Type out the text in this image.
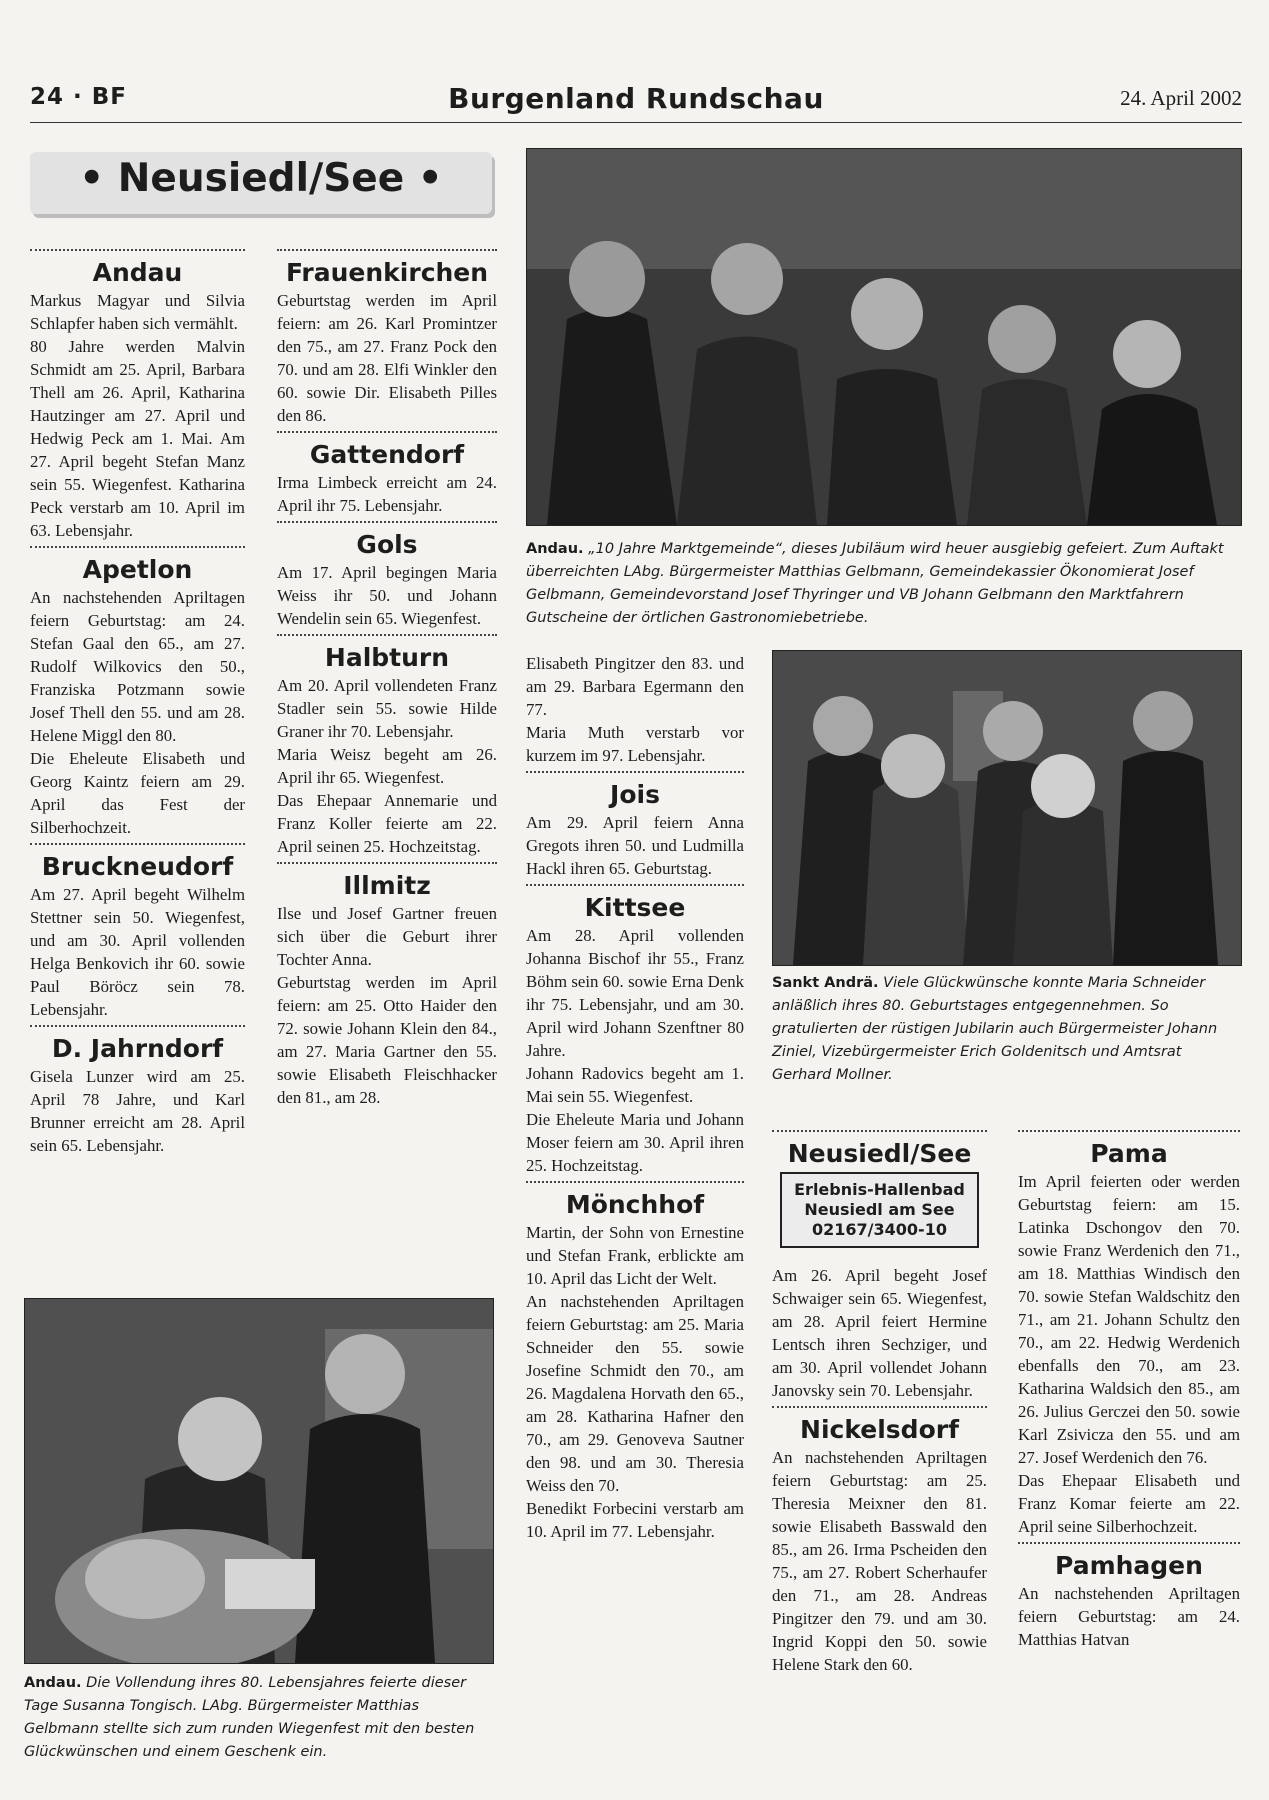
24 · BF	Burgenland Rundschau	24. April 2002
• Neusiedl/See •
Andau

Markus Magyar und Silvia Schlapfer haben sich vermählt.

80 Jahre werden Malvin Schmidt am 25. April, Barbara Thell am 26. April, Katharina Hautzinger am 27. April und Hedwig Peck am 1. Mai. Am 27. April begeht Stefan Manz sein 55. Wiegenfest. Katharina Peck verstarb am 10. April im 63. Lebensjahr.

Apetlon

An nachstehenden Apriltagen feiern Geburtstag: am 24. Stefan Gaal den 65., am 27. Rudolf Wilkovics den 50., Franziska Potzmann sowie Josef Thell den 55. und am 28. Helene Miggl den 80.

Die Eheleute Elisabeth und Georg Kaintz feiern am 29. April das Fest der Silberhochzeit.

Bruckneudorf

Am 27. April begeht Wilhelm Stettner sein 50. Wiegenfest, und am 30. April vollenden Helga Benkovich ihr 60. sowie Paul Böröcz sein 78. Lebensjahr.

D. Jahrndorf

Gisela Lunzer wird am 25. April 78 Jahre, und Karl Brunner erreicht am 28. April sein 65. Lebensjahr.

Frauenkirchen

Geburtstag werden im April feiern: am 26. Karl Promintzer den 75., am 27. Franz Pock den 70. und am 28. Elfi Winkler den 60. sowie Dir. Elisabeth Pilles den 86.

Gattendorf

Irma Limbeck erreicht am 24. April ihr 75. Lebensjahr.

Gols

Am 17. April begingen Maria Weiss ihr 50. und Johann Wendelin sein 65. Wiegenfest.

Halbturn

Am 20. April vollendeten Franz Stadler sein 55. sowie Hilde Graner ihr 70. Lebensjahr.

Maria Weisz begeht am 26. April ihr 65. Wiegenfest.

Das Ehepaar Annemarie und Franz Koller feierte am 22. April seinen 25. Hochzeitstag.

Illmitz

Ilse und Josef Gartner freuen sich über die Geburt ihrer Tochter Anna.

Geburtstag werden im April feiern: am 25. Otto Haider den 72. sowie Johann Klein den 84., am 27. Maria Gartner den 55. sowie Elisabeth Fleischhacker den 81., am 28.

Elisabeth Pingitzer den 83. und am 29. Barbara Egermann den 77.

Maria Muth verstarb vor kurzem im 97. Lebensjahr.

Jois

Am 29. April feiern Anna Gregots ihren 50. und Ludmilla Hackl ihren 65. Geburtstag.

Kittsee

Am 28. April vollenden Johanna Bischof ihr 55., Franz Böhm sein 60. sowie Erna Denk ihr 75. Lebensjahr, und am 30. April wird Johann Szenftner 80 Jahre.

Johann Radovics begeht am 1. Mai sein 55. Wiegenfest.

Die Eheleute Maria und Johann Moser feiern am 30. April ihren 25. Hochzeitstag.

Mönchhof

Martin, der Sohn von Ernestine und Stefan Frank, erblickte am 10. April das Licht der Welt.

An nachstehenden Apriltagen feiern Geburtstag: am 25. Maria Schneider den 55. sowie Josefine Schmidt den 70., am 26. Magdalena Horvath den 65., am 28. Katharina Hafner den 70., am 29. Genoveva Sautner den 98. und am 30. Theresia Weiss den 70.

Benedikt Forbecini verstarb am 10. April im 77. Lebensjahr.

Neusiedl/See
Erlebnis-Hallenbad
Neusiedl am See
02167/3400-10

Am 26. April begeht Josef Schwaiger sein 65. Wiegenfest, am 28. April feiert Hermine Lentsch ihren Sechziger, und am 30. April vollendet Johann Janovsky sein 70. Lebensjahr.

Nickelsdorf

An nachstehenden Apriltagen feiern Geburtstag: am 25. Theresia Meixner den 81. sowie Elisabeth Basswald den 85., am 26. Irma Pscheiden den 75., am 27. Robert Scherhaufer den 71., am 28. Andreas Pingitzer den 79. und am 30. Ingrid Koppi den 50. sowie Helene Stark den 60.

Pama

Im April feierten oder werden Geburtstag feiern: am 15. Latinka Dschongov den 70. sowie Franz Werdenich den 71., am 18. Matthias Windisch den 70. sowie Stefan Waldschitz den 71., am 21. Johann Schultz den 70., am 22. Hedwig Werdenich ebenfalls den 70., am 23. Katharina Waldsich den 85., am 26. Julius Gerczei den 50. sowie Karl Zsivicza den 55. und am 27. Josef Werdenich den 76.

Das Ehepaar Elisabeth und Franz Komar feierte am 22. April seine Silberhochzeit.

Pamhagen

An nachstehenden Apriltagen feiern Geburtstag: am 24. Matthias Hatvan

Andau. „10 Jahre Marktgemeinde“, dieses Jubiläum wird heuer ausgiebig gefeiert. Zum Auftakt überreichten LAbg. Bürgermeister Matthias Gelbmann, Gemeindekassier Ökonomierat Josef Gelbmann, Gemeindevorstand Josef Thyringer und VB Johann Gelbmann den Marktfahrern Gutscheine der örtlichen Gastronomiebetriebe.
Sankt Andrä. Viele Glückwünsche konnte Maria Schneider anläßlich ihres 80. Geburtstages entgegennehmen. So gratulierten der rüstigen Jubilarin auch Bürgermeister Johann Ziniel, Vizebürgermeister Erich Goldenitsch und Amtsrat Gerhard Mollner.
Andau. Die Vollendung ihres 80. Lebensjahres feierte dieser Tage Susanna Tongisch. LAbg. Bürgermeister Matthias Gelbmann stellte sich zum runden Wiegenfest mit den besten Glückwünschen und einem Geschenk ein.
